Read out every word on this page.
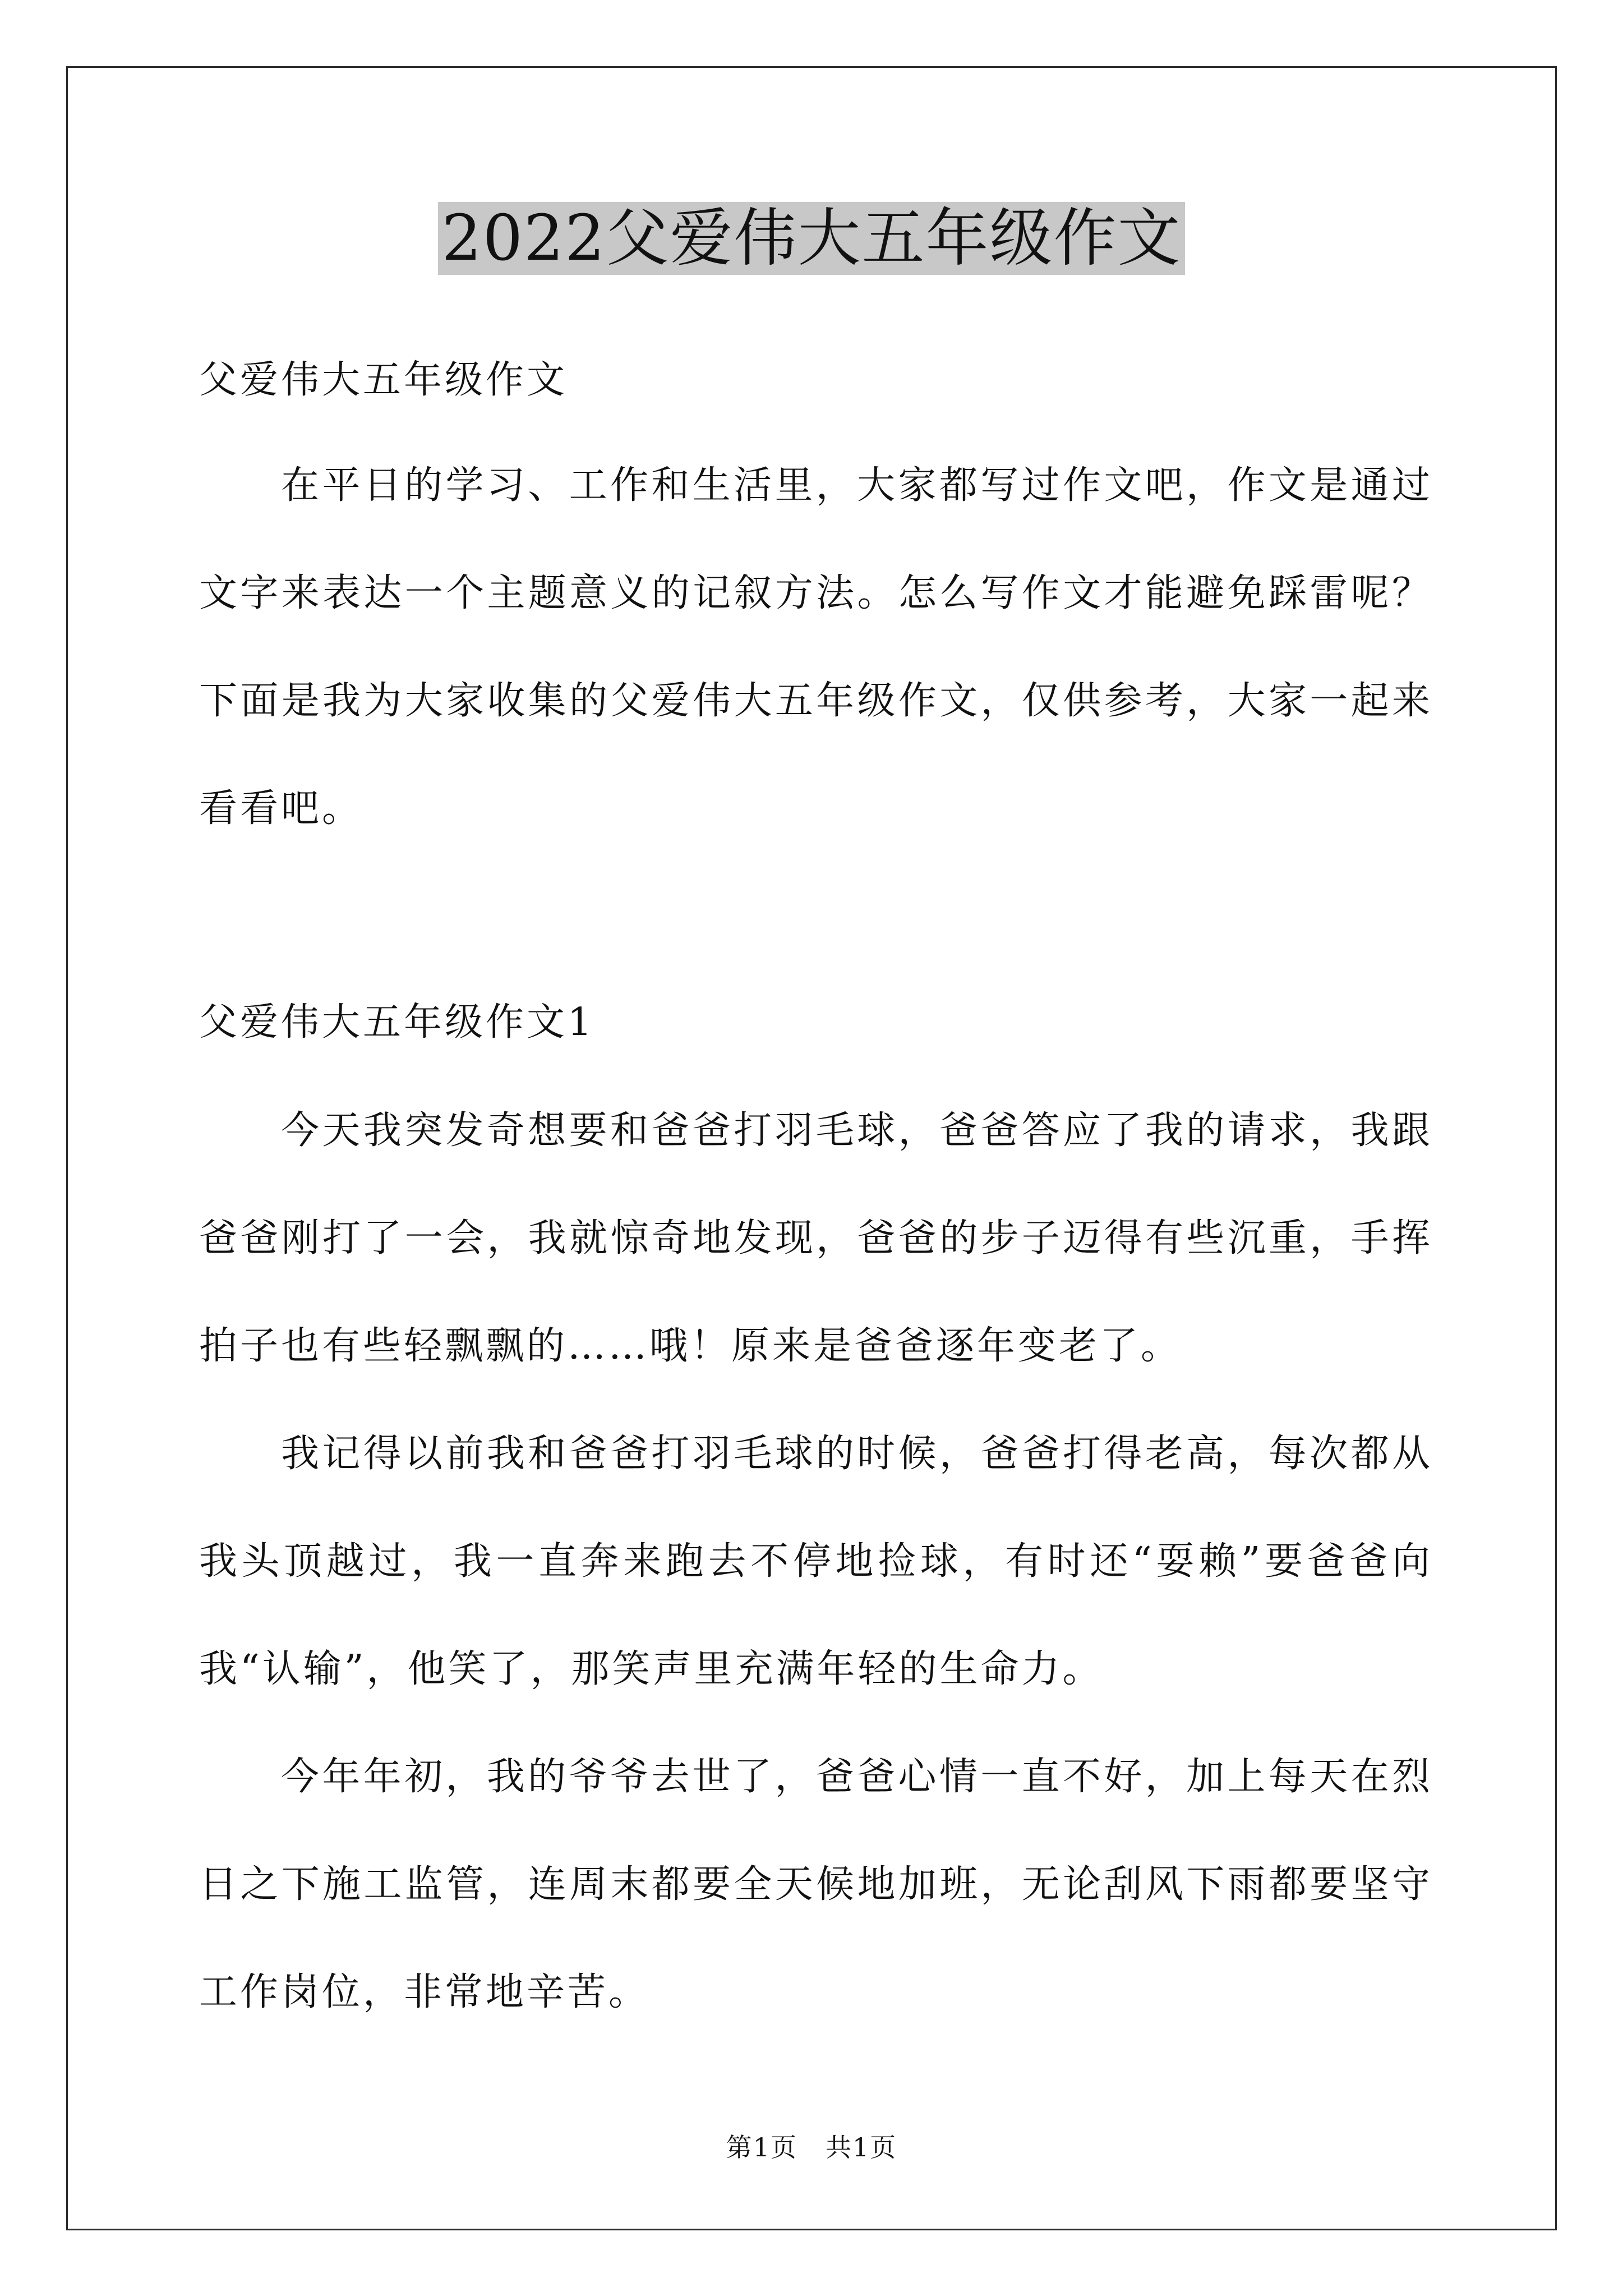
2022父爱伟大五年级作文
父爱伟大五年级作文

在平日的学习、工作和生活里，大家都写过作文吧，作文是通过文字来表达一个主题意义的记叙方法。怎么写作文才能避免踩雷呢？下面是我为大家收集的父爱伟大五年级作文，仅供参考，大家一起来看看吧。

父爱伟大五年级作文1

今天我突发奇想要和爸爸打羽毛球，爸爸答应了我的请求，我跟爸爸刚打了一会，我就惊奇地发现，爸爸的步子迈得有些沉重，手挥拍子也有些轻飘飘的……哦！原来是爸爸逐年变老了。

我记得以前我和爸爸打羽毛球的时候，爸爸打得老高，每次都从我头顶越过，我一直奔来跑去不停地捡球，有时还“耍赖”要爸爸向我“认输”，他笑了，那笑声里充满年轻的生命力。

今年年初，我的爷爷去世了，爸爸心情一直不好，加上每天在烈日之下施工监管，连周末都要全天候地加班，无论刮风下雨都要坚守工作岗位，非常地辛苦。

第1页 共1页
